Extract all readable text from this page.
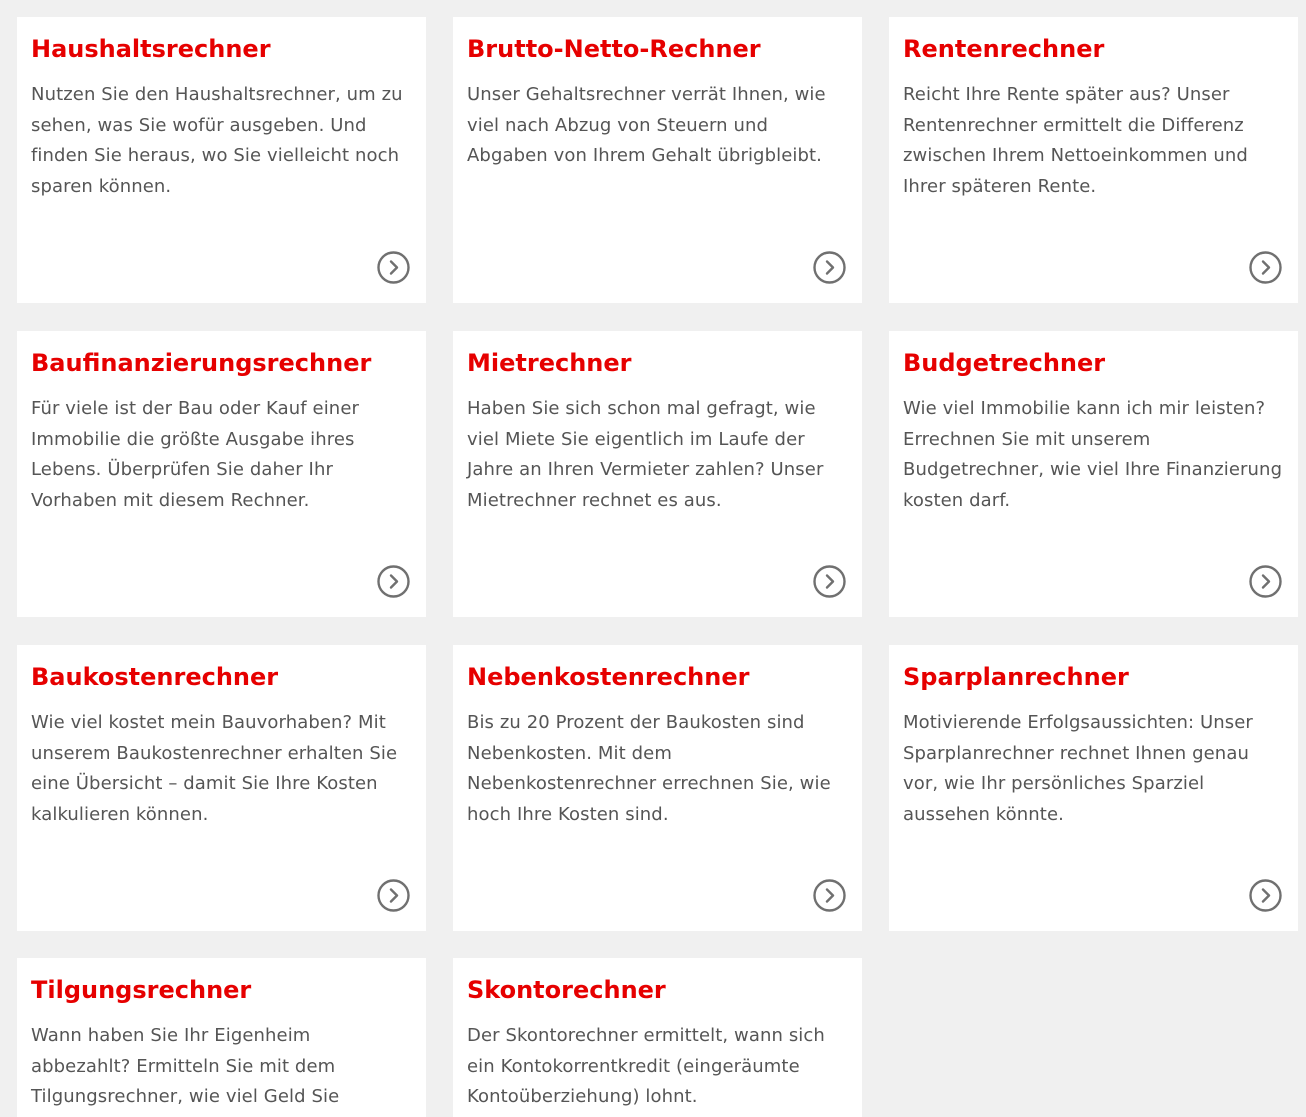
Haushaltsrechner

Nutzen Sie den Haushaltsrechner, um zu sehen, was Sie wofür ausgeben. Und finden Sie heraus, wo Sie vielleicht noch sparen können.

Brutto-Netto-Rechner

Unser Gehaltsrechner verrät Ihnen, wie viel nach Abzug von Steuern und Abgaben von Ihrem Gehalt übrigbleibt.

Rentenrechner

Reicht Ihre Rente später aus? Unser Rentenrechner ermittelt die Differenz zwischen Ihrem Nettoeinkommen und Ihrer späteren Rente.

Baufinanzierungsrechner

Für viele ist der Bau oder Kauf einer Immobilie die größte Ausgabe ihres Lebens. Überprüfen Sie daher Ihr Vorhaben mit diesem Rechner.

Mietrechner

Haben Sie sich schon mal gefragt, wie viel Miete Sie eigentlich im Laufe der Jahre an Ihren Vermieter zahlen? Unser Mietrechner rechnet es aus.

Budgetrechner

Wie viel Immobilie kann ich mir leisten? Errechnen Sie mit unserem Budgetrechner, wie viel Ihre Finanzierung kosten darf.

Baukostenrechner

Wie viel kostet mein Bauvorhaben? Mit unserem Baukostenrechner erhalten Sie eine Übersicht – damit Sie Ihre Kosten kalkulieren können.

Nebenkostenrechner

Bis zu 20 Prozent der Baukosten sind Nebenkosten. Mit dem Nebenkostenrechner errechnen Sie, wie hoch Ihre Kosten sind.

Sparplanrechner

Motivierende Erfolgsaussichten: Unser Sparplanrechner rechnet Ihnen genau vor, wie Ihr persönliches Sparziel aussehen könnte.

Tilgungsrechner

Wann haben Sie Ihr Eigenheim abbezahlt? Ermitteln Sie mit dem Tilgungsrechner, wie viel Geld Sie

Skontorechner

Der Skontorechner ermittelt, wann sich ein Kontokorrentkredit (eingeräumte Kontoüberziehung) lohnt.
